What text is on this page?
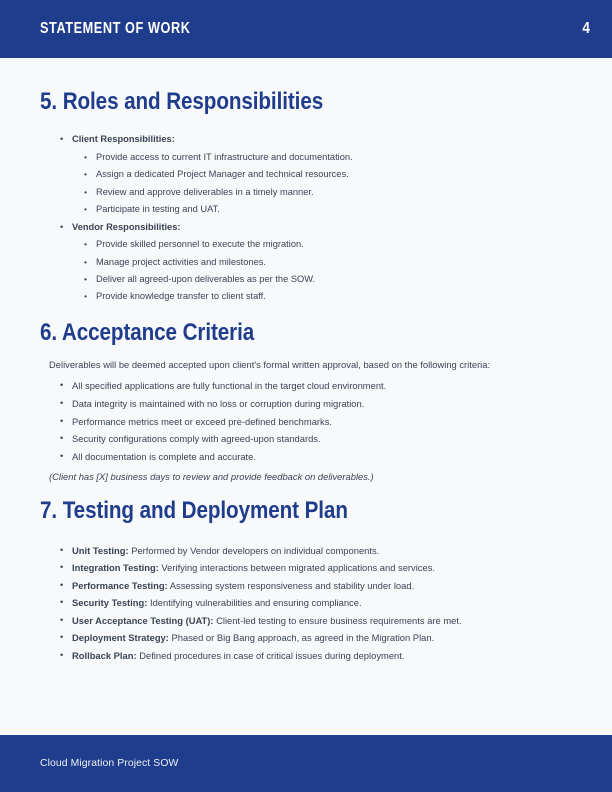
STATEMENT OF WORK	4
5. Roles and Responsibilities
• Client Responsibilities:
• Provide access to current IT infrastructure and documentation.
• Assign a dedicated Project Manager and technical resources.
• Review and approve deliverables in a timely manner.
• Participate in testing and UAT.
• Vendor Responsibilities:
• Provide skilled personnel to execute the migration.
• Manage project activities and milestones.
• Deliver all agreed-upon deliverables as per the SOW.
• Provide knowledge transfer to client staff.
6. Acceptance Criteria

Deliverables will be deemed accepted upon client's formal written approval, based on the following criteria:

• All specified applications are fully functional in the target cloud environment.
• Data integrity is maintained with no loss or corruption during migration.
• Performance metrics meet or exceed pre-defined benchmarks.
• Security configurations comply with agreed-upon standards.
• All documentation is complete and accurate.

(Client has [X] business days to review and provide feedback on deliverables.)

7. Testing and Deployment Plan
• Unit Testing: Performed by Vendor developers on individual components.
• Integration Testing: Verifying interactions between migrated applications and services.
• Performance Testing: Assessing system responsiveness and stability under load.
• Security Testing: Identifying vulnerabilities and ensuring compliance.
• User Acceptance Testing (UAT): Client-led testing to ensure business requirements are met.
• Deployment Strategy: Phased or Big Bang approach, as agreed in the Migration Plan.
• Rollback Plan: Defined procedures in case of critical issues during deployment.
Cloud Migration Project SOW
